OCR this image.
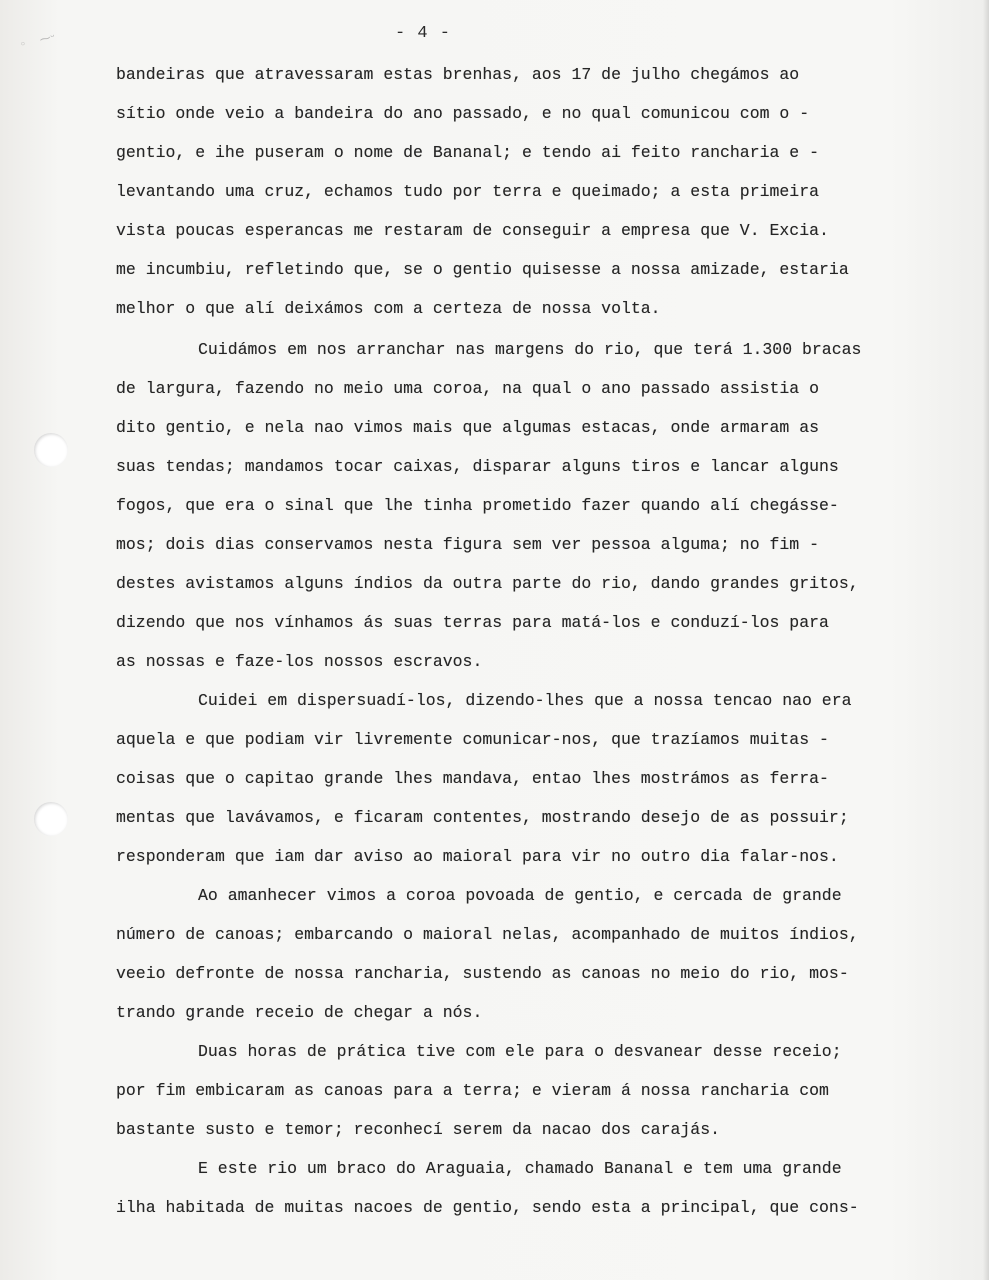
◦    ⁓ᵕ	- 4 -
bandeiras que atravessaram estas brenhas, aos 17 de julho chegámos ao
sítio onde veio a bandeira do ano passado, e no qual comunicou com o -
gentio, e ihe puseram o nome de Bananal; e tendo ai feito rancharia e -
levantando uma cruz, echamos tudo por terra e queimado; a esta primeira
vista poucas esperancas me restaram de conseguir a empresa que V. Excia.
me incumbiu, refletindo que, se o gentio quisesse a nossa amizade, estaria
melhor o que alí deixámos com a certeza de nossa volta.
Cuidámos em nos arranchar nas margens do rio, que terá 1.300 bracas
de largura, fazendo no meio uma coroa, na qual o ano passado assistia o
dito gentio, e nela nao vimos mais que algumas estacas, onde armaram as
suas tendas; mandamos tocar caixas, disparar alguns tiros e lancar alguns
fogos, que era o sinal que lhe tinha prometido fazer quando alí chegásse-
mos; dois dias conservamos nesta figura sem ver pessoa alguma; no fim -
destes avistamos alguns índios da outra parte do rio, dando grandes gritos,
dizendo que nos vínhamos ás suas terras para matá-los e conduzí-los para
as nossas e faze-los nossos escravos.
Cuidei em dispersuadí-los, dizendo-lhes que a nossa tencao nao era
aquela e que podiam vir livremente comunicar-nos, que trazíamos muitas -
coisas que o capitao grande lhes mandava, entao lhes mostrámos as ferra-
mentas que lavávamos, e ficaram contentes, mostrando desejo de as possuir;
responderam que iam dar aviso ao maioral para vir no outro dia falar-nos.
Ao amanhecer vimos a coroa povoada de gentio, e cercada de grande
número de canoas; embarcando o maioral nelas, acompanhado de muitos índios,
veeio defronte de nossa rancharia, sustendo as canoas no meio do rio, mos-
trando grande receio de chegar a nós.
Duas horas de prática tive com ele para o desvanear desse receio;
por fim embicaram as canoas para a terra; e vieram á nossa rancharia com
bastante susto e temor; reconhecí serem da nacao dos carajás.
E este rio um braco do Araguaia, chamado Bananal e tem uma grande
ilha habitada de muitas nacoes de gentio, sendo esta a principal, que cons-
